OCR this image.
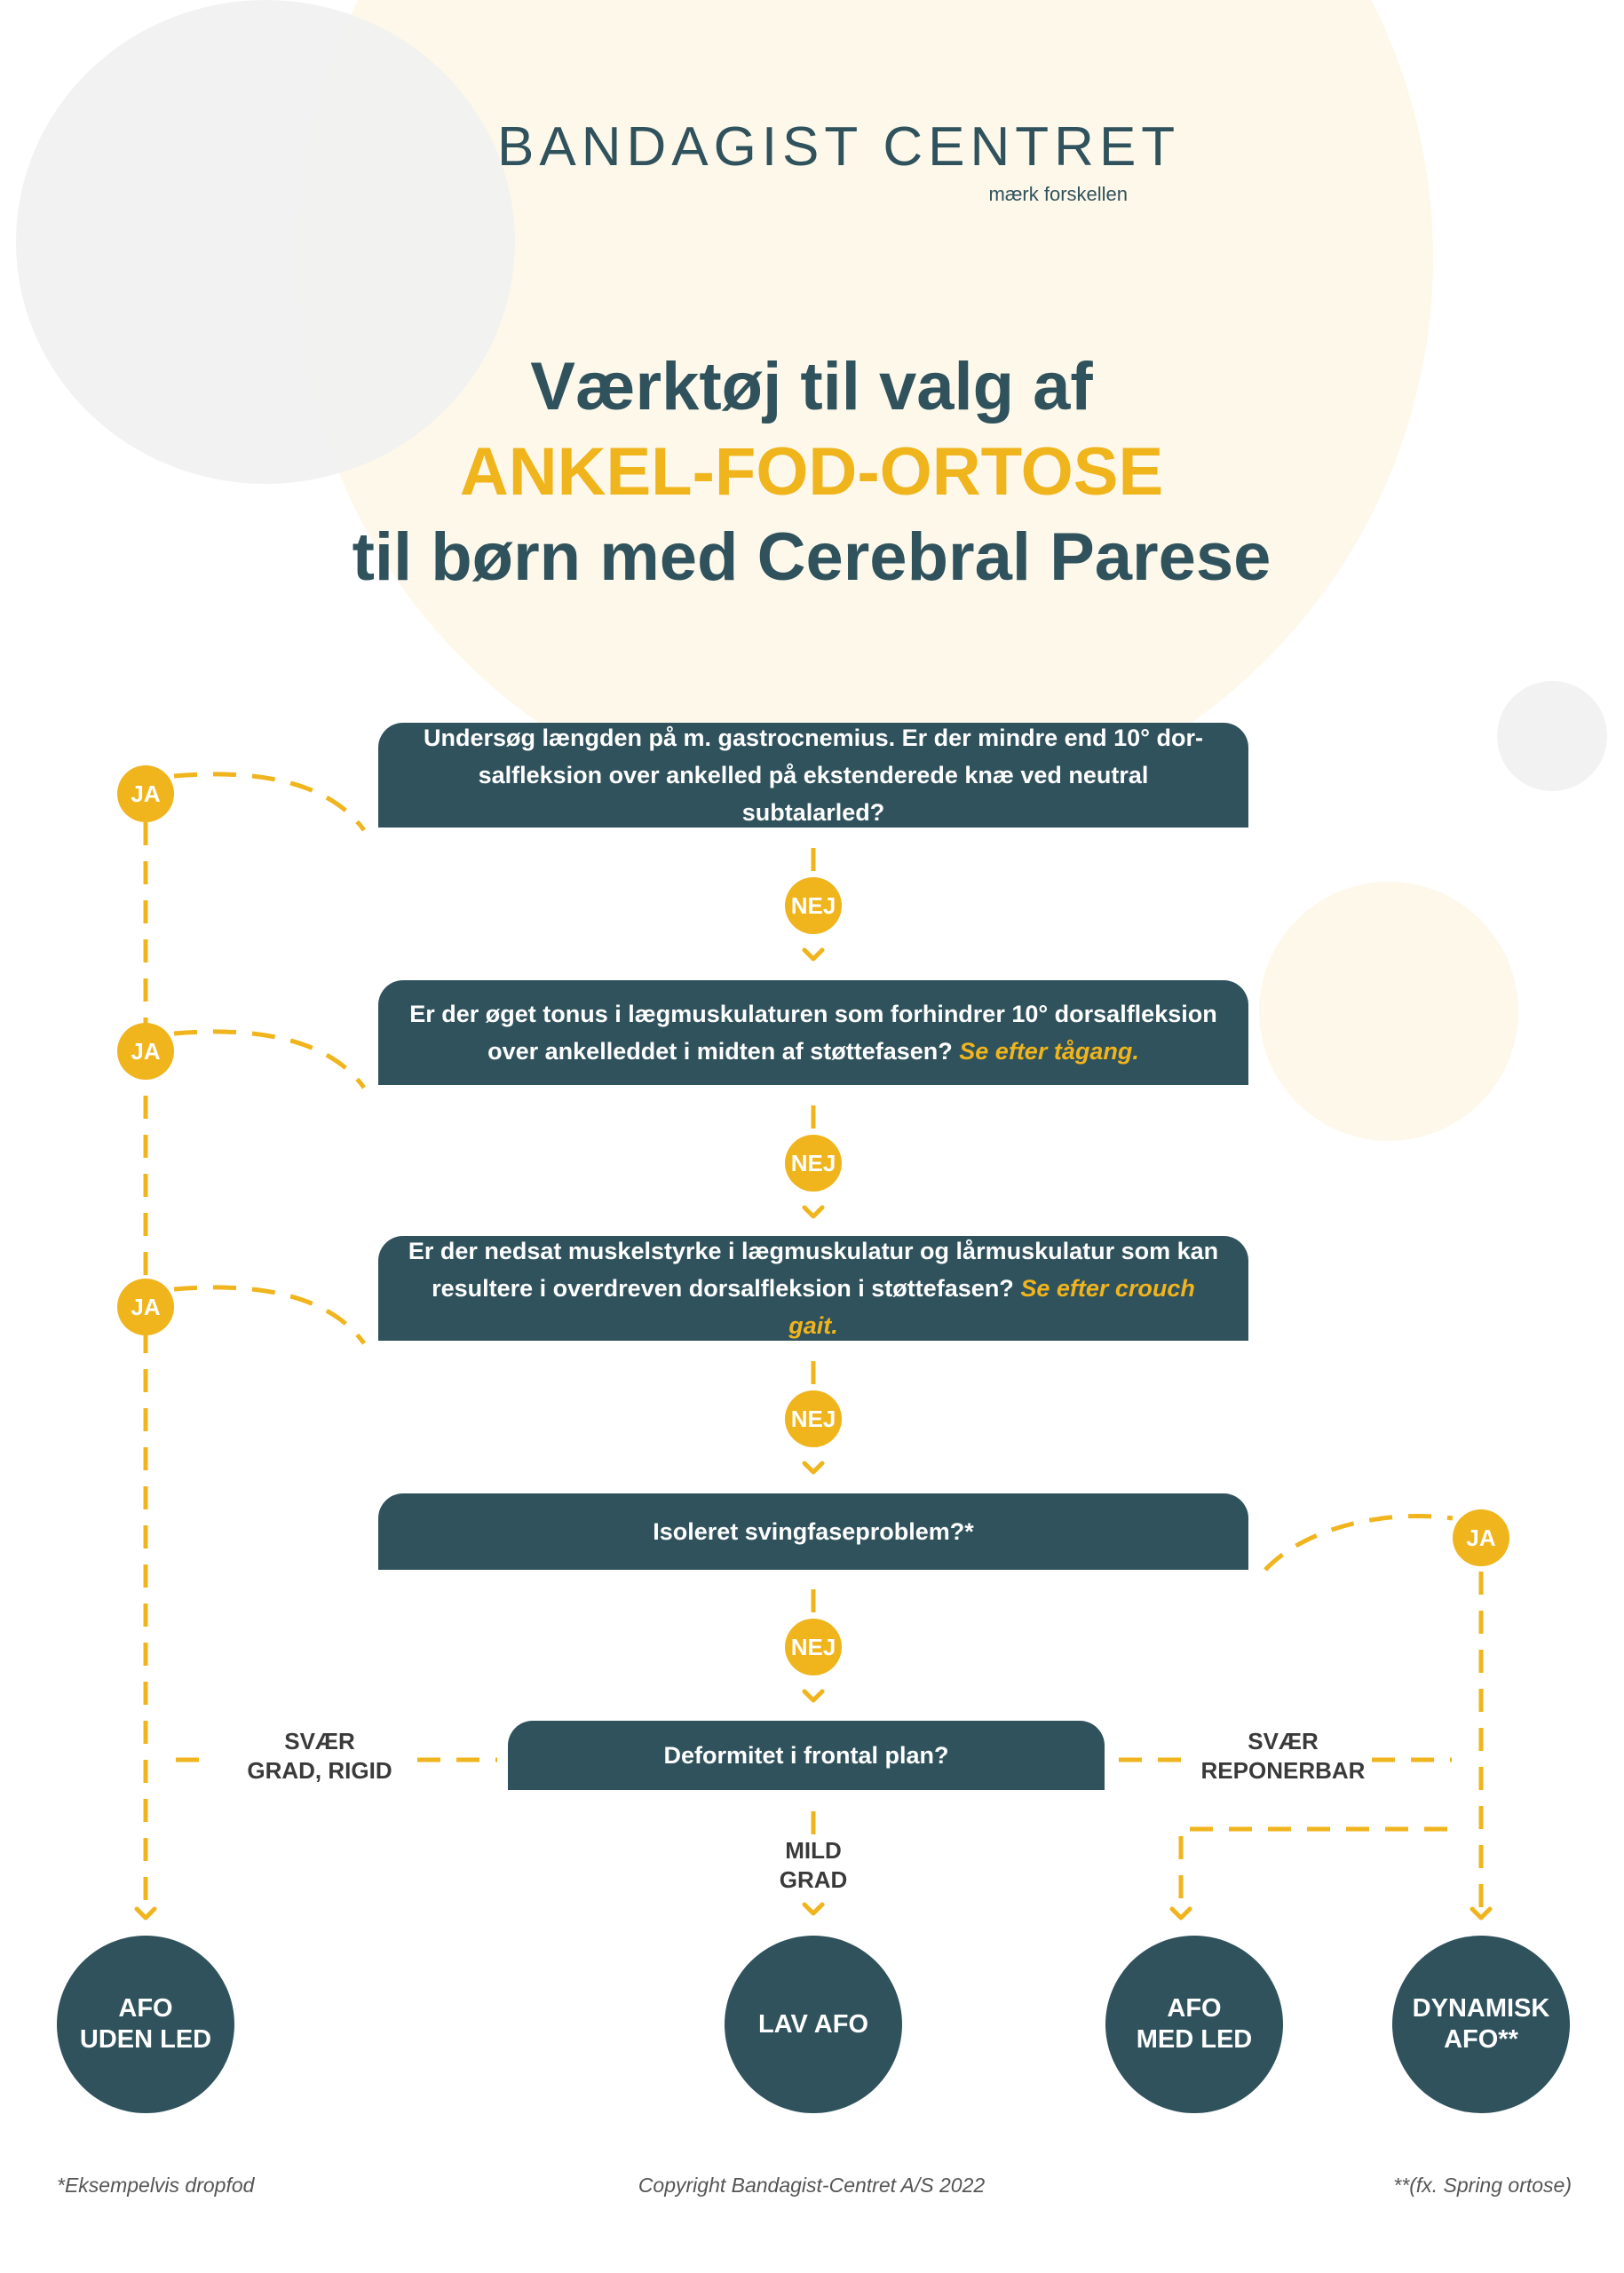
BANDAGIST CENTRET
mærk forskellen
Værktøj til valg af
ANKEL-FOD-ORTOSE
til børn med Cerebral Parese
Undersøg længden på m. gastrocnemius. Er der mindre end 10° dor-
salfleksion over ankelled på ekstenderede knæ ved neutral subtalarled?
Er der øget tonus i lægmuskulaturen som forhindrer 10° dorsalfleksion
over ankelleddet i midten af støttefasen? Se efter tågang.
Er der nedsat muskelstyrke i lægmuskulatur og lårmuskulatur som kan
resultere i overdreven dorsalfleksion i støttefasen? Se efter crouch gait.
Isoleret svingfaseproblem?*
Deformitet i frontal plan?
JA
JA
JA
JA
NEJ
NEJ
NEJ
NEJ
SVÆR
GRAD, RIGID
SVÆR
REPONERBAR
MILD
GRAD
AFO
UDEN LED
LAV AFO
AFO
MED LED
DYNAMISK
AFO**
*Eksempelvis dropfod	Copyright Bandagist-Centret A/S 2022	**(fx. Spring ortose)
